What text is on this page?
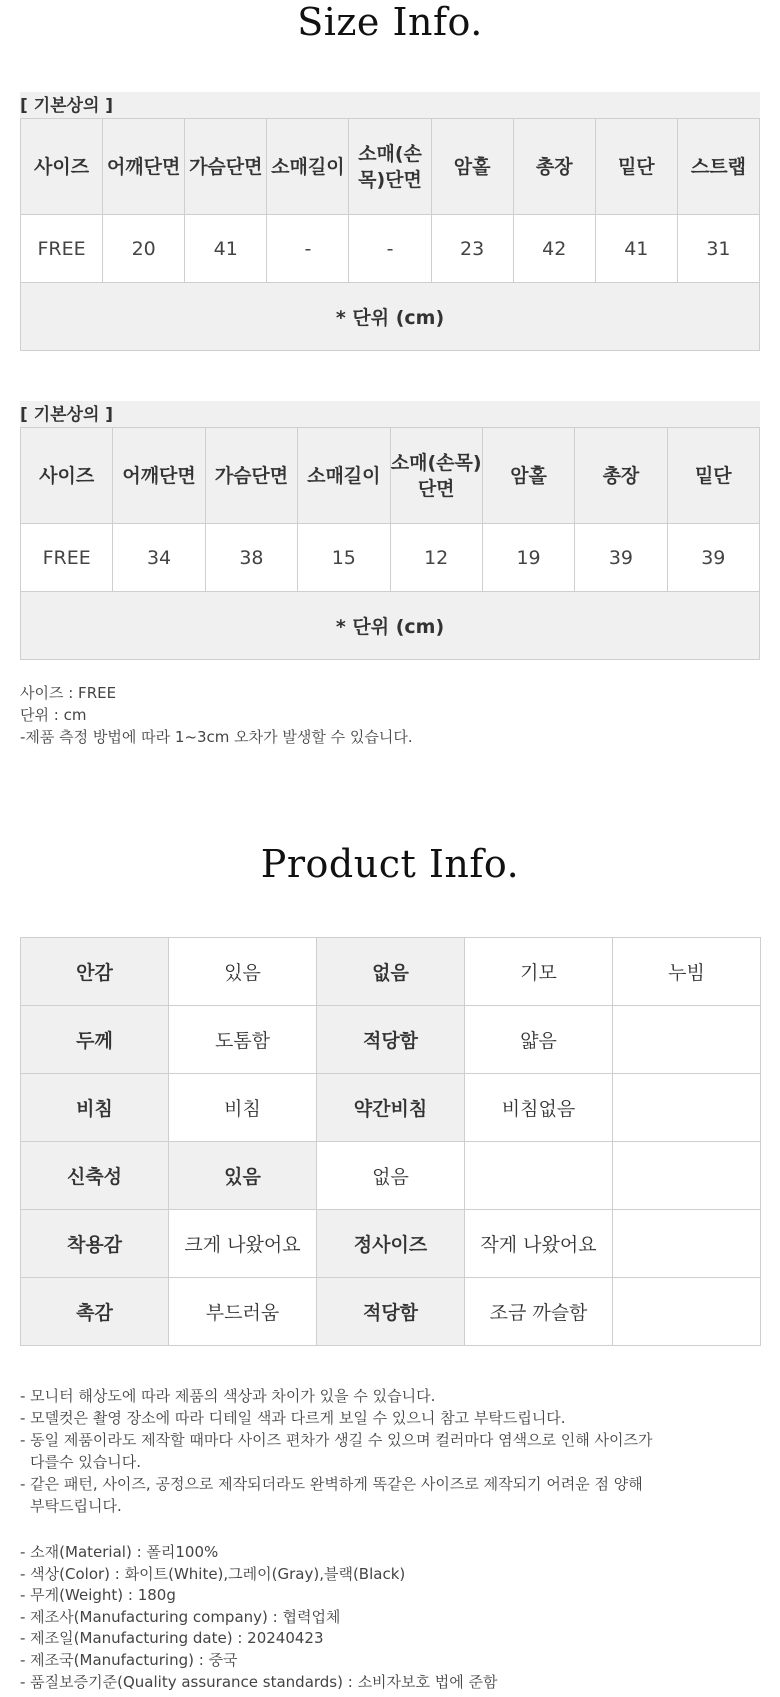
Size Info.
[ 기본상의 ]
사이즈	어깨단면	가슴단면	소매길이	소매(손
목)단면	암홀	총장	밑단	스트랩
FREE	20	41	-	-	23	42	41	31
* 단위 (cm)								
[ 기본상의 ]
사이즈	어깨단면	가슴단면	소매길이	소매(손목)
단면	암홀	총장	밑단
FREE	34	38	15	12	19	39	39
* 단위 (cm)							
사이즈 : FREE
단위 : cm
-제품 측정 방법에 따라 1~3cm 오차가 발생할 수 있습니다.
Product Info.
안감	있음	없음	기모	누빔
두께	도톰함	적당함	얇음	
비침	비침	약간비침	비침없음	
신축성	있음	없음		
착용감	크게 나왔어요	정사이즈	작게 나왔어요	
촉감	부드러움	적당함	조금 까슬함	
- 모니터 해상도에 따라 제품의 색상과 차이가 있을 수 있습니다.
- 모델컷은 촬영 장소에 따라 디테일 색과 다르게 보일 수 있으니 참고 부탁드립니다.
- 동일 제품이라도 제작할 때마다 사이즈 편차가 생길 수 있으며 컬러마다 염색으로 인해 사이즈가
다를수 있습니다.
- 같은 패턴, 사이즈, 공정으로 제작되더라도 완벽하게 똑같은 사이즈로 제작되기 어려운 점 양해
부탁드립니다.
- 소재(Material) : 폴리100%
- 색상(Color) : 화이트(White),그레이(Gray),블랙(Black)
- 무게(Weight) : 180g
- 제조사(Manufacturing company) : 협력업체
- 제조일(Manufacturing date) : 20240423
- 제조국(Manufacturing) : 중국
- 품질보증기준(Quality assurance standards) : 소비자보호 법에 준함
